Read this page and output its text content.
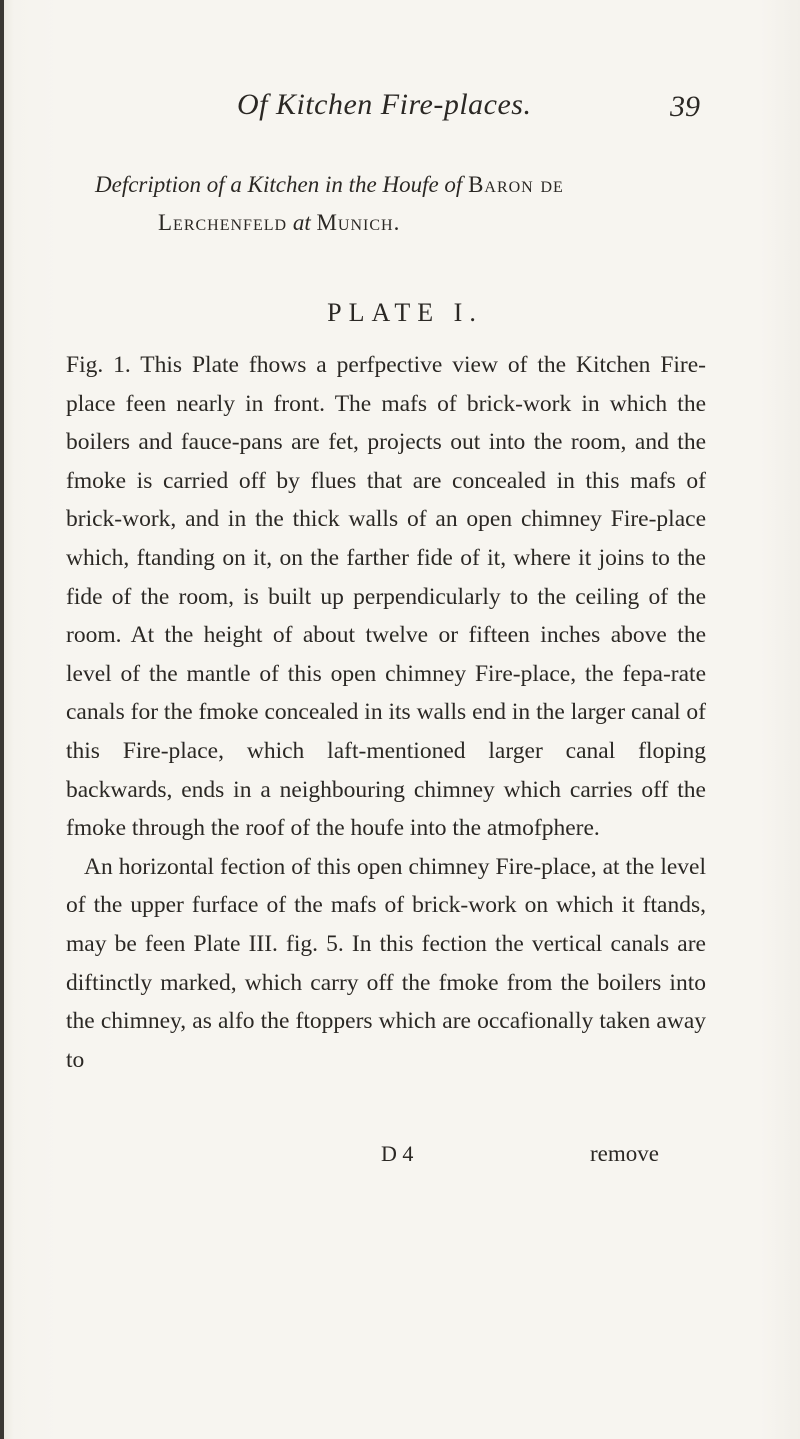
Of Kitchen Fire-places.	39
Defcription of a Kitchen in the Houfe of Baron de
Lerchenfeld at Munich.
PLATE I.

Fig. 1. This Plate fhows a perfpective view of the Kitchen Fire-place feen nearly in front. The mafs of brick-work in which the boilers and fauce-pans are fet, projects out into the room, and the fmoke is carried off by flues that are concealed in this mafs of brick-work, and in the thick walls of an open chimney Fire-place which, ftanding on it, on the farther fide of it, where it joins to the fide of the room, is built up perpendicularly to the ceiling of the room. At the height of about twelve or fifteen inches above the level of the mantle of this open chimney Fire-place, the fepa-rate canals for the fmoke concealed in its walls end in the larger canal of this Fire-place, which laft-mentioned larger canal floping backwards, ends in a neighbouring chimney which carries off the fmoke through the roof of the houfe into the atmofphere.

An horizontal fection of this open chimney Fire-place, at the level of the upper furface of the mafs of brick-work on which it ftands, may be feen Plate III. fig. 5. In this fection the vertical canals are diftinctly marked, which carry off the fmoke from the boilers into the chimney, as alfo the ftoppers which are occafionally taken away to

D 4	remove
